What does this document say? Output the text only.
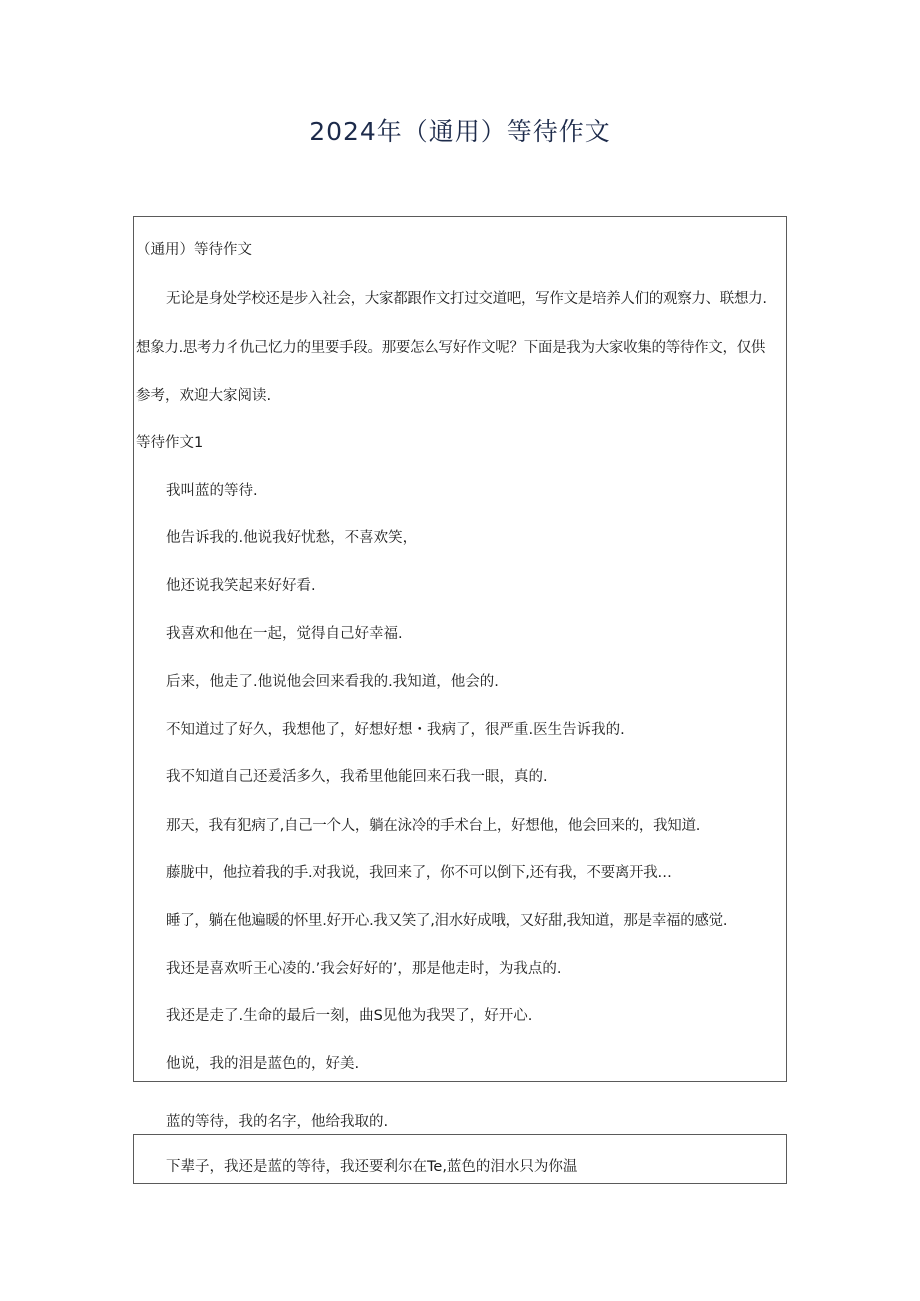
2024年（通用）等待作文
（通用）等待作文
无论是身处学校还是步入社会，大家都跟作文打过交道吧，写作文是培养人们的观察力、联想力.
想象力.思考力彳仇己忆力的里要手段。那要怎么写好作文呢？下面是我为大家收集的等待作文，仅供
参考，欢迎大家阅读.
等待作文1
我叫蓝的等待.
他告诉我的.他说我好忧愁，不喜欢笑，
他还说我笑起来好好看.
我喜欢和他在一起，觉得自己好幸福.
后来，他走了.他说他会回来看我的.我知道，他会的.
不知道过了好久，我想他了，好想好想・我病了，很严重.医生告诉我的.
我不知道自己还爰活多久，我希里他能回来石我一眼，真的.
那天，我有犯病了,自己一个人，躺在泳冷的手术台上，好想他，他会回来的，我知道.
藤胧中，他拉着我的手.对我说，我回来了，你不可以倒下,还有我，不要离开我…
睡了，躺在他遍暖的怀里.好开心.我又笑了,泪水好成哦，又好甜,我知道，那是幸福的感觉.
我还是喜欢听王心凌的.’我会好好的’，那是他走时，为我点的.
我还是走了.生命的最后一刻，曲S见他为我哭了，好开心.
他说，我的泪是蓝色的，好美.
蓝的等待，我的名字，他给我取的.
下辈子，我还是蓝的等待，我还要利尔在Te,蓝色的泪水只为你温
